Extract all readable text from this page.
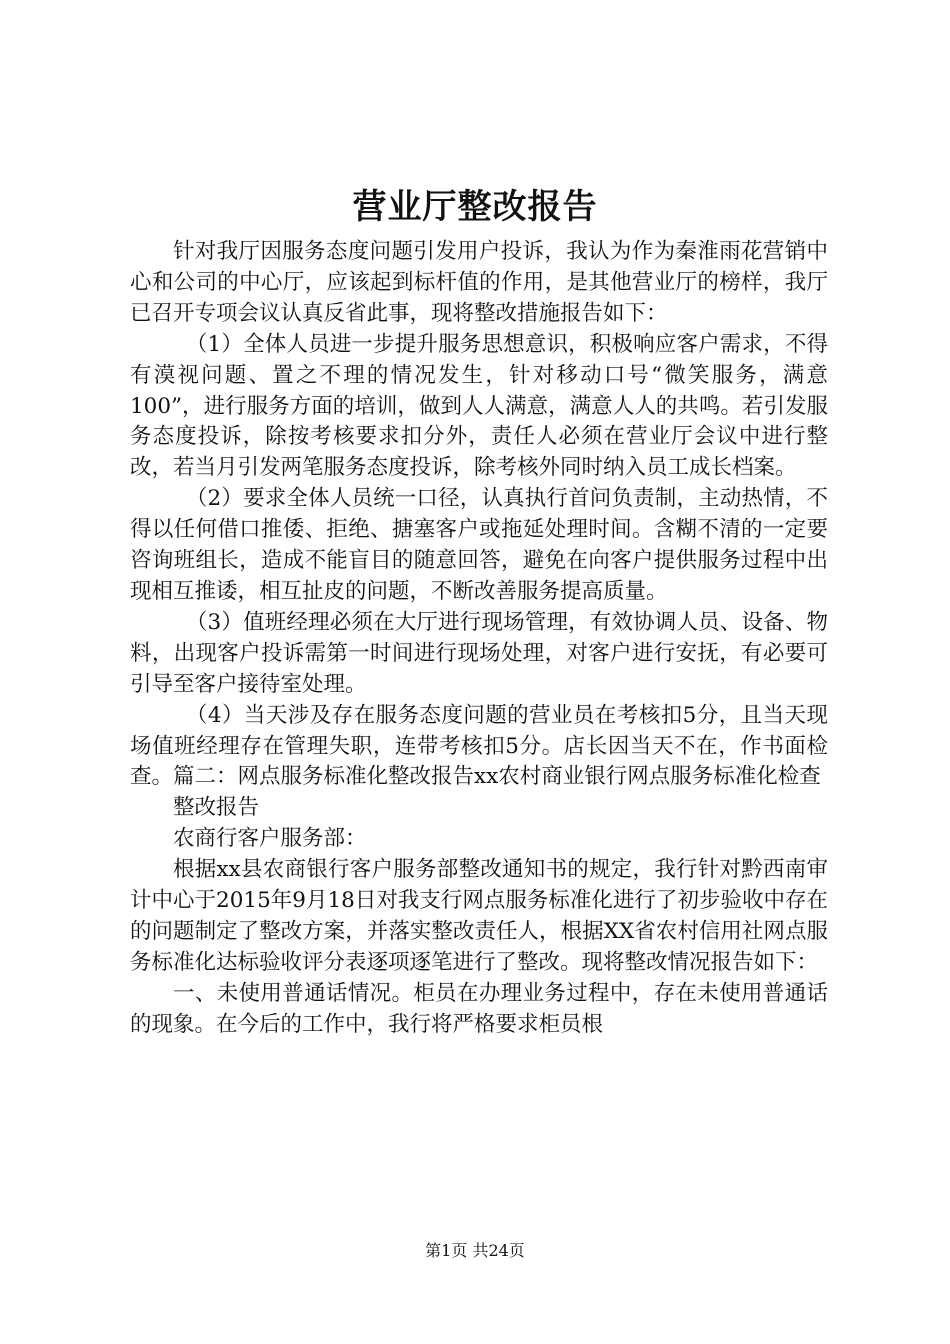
营业厅整改报告

针对我厅因服务态度问题引发用户投诉，我认为作为秦淮雨花营销中心和公司的中心厅，应该起到标杆值的作用，是其他营业厅的榜样，我厅已召开专项会议认真反省此事，现将整改措施报告如下：

（1）全体人员进一步提升服务思想意识，积极响应客户需求，不得有漠视问题、置之不理的情况发生，针对移动口号“微笑服务，满意100”，进行服务方面的培训，做到人人满意，满意人人的共鸣。若引发服务态度投诉，除按考核要求扣分外，责任人必须在营业厅会议中进行整改，若当月引发两笔服务态度投诉，除考核外同时纳入员工成长档案。

（2）要求全体人员统一口径，认真执行首问负责制，主动热情，不得以任何借口推倭、拒绝、搪塞客户或拖延处理时间。含糊不清的一定要咨询班组长，造成不能盲目的随意回答，避免在向客户提供服务过程中出现相互推诿，相互扯皮的问题，不断改善服务提高质量。

（3）值班经理必须在大厅进行现场管理，有效协调人员、设备、物料，出现客户投诉需第一时间进行现场处理，对客户进行安抚，有必要可引导至客户接待室处理。

（4）当天涉及存在服务态度问题的营业员在考核扣5分，且当天现场值班经理存在管理失职，连带考核扣5分。店长因当天不在，作书面检查。篇二：网点服务标准化整改报告xx农村商业银行网点服务标准化检查

整改报告

农商行客户服务部：

根据xx县农商银行客户服务部整改通知书的规定，我行针对黔西南审计中心于2015年9月18日对我支行网点服务标准化进行了初步验收中存在的问题制定了整改方案，并落实整改责任人，根据XX省农村信用社网点服务标准化达标验收评分表逐项逐笔进行了整改。现将整改情况报告如下：

一、未使用普通话情况。柜员在办理业务过程中，存在未使用普通话的现象。在今后的工作中，我行将严格要求柜员根

第1页 共24页
